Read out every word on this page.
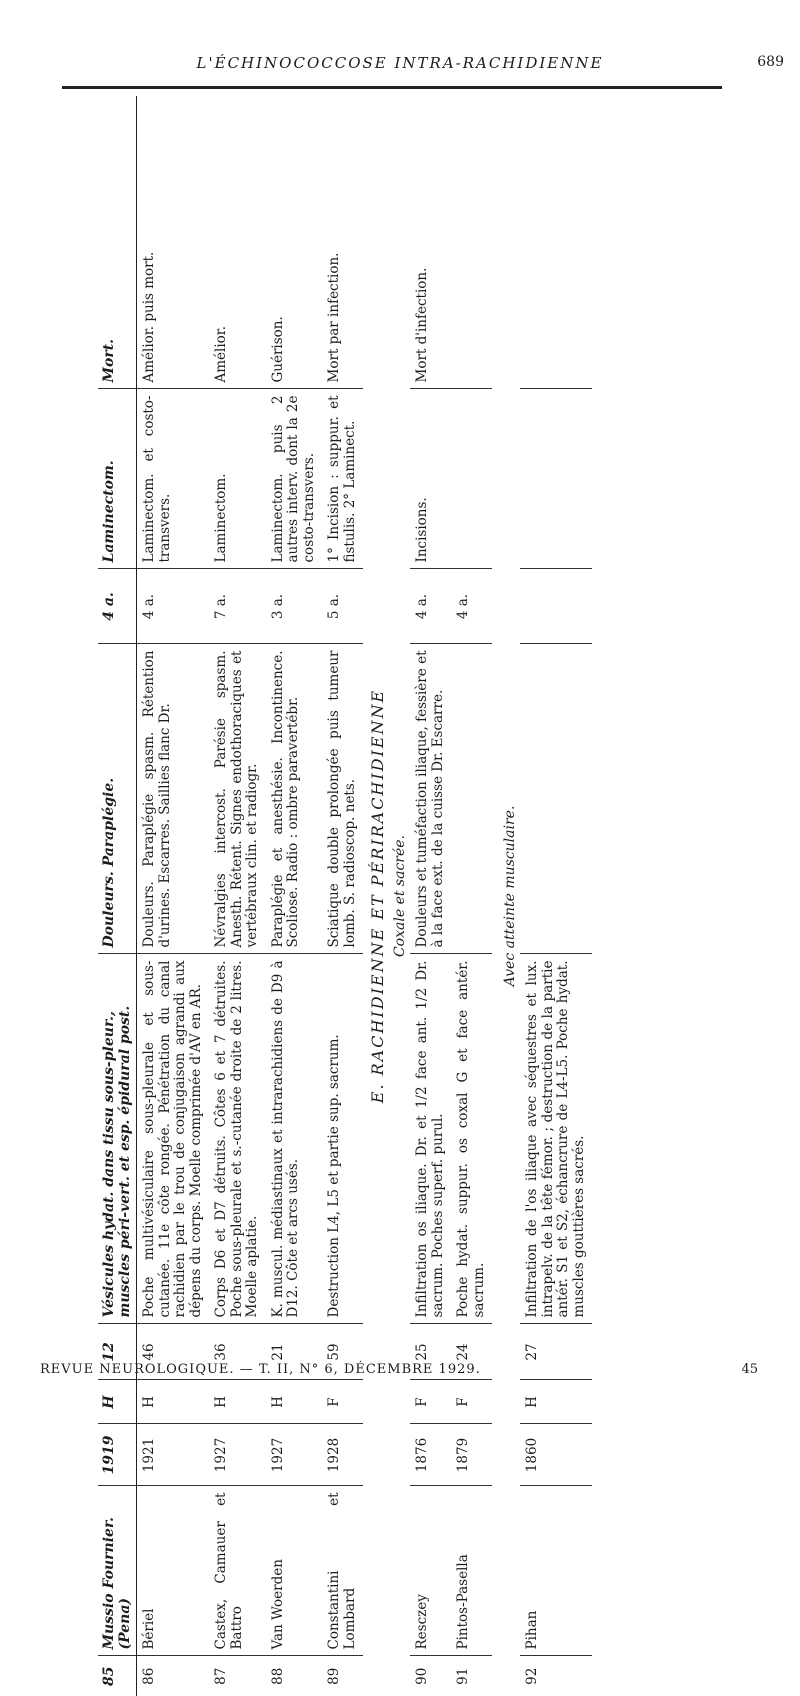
L'ÉCHINOCOCCOSE INTRA-RACHIDIENNE	689
85	Mussio Fournier. (Pena)	1919	H	12	Vésicules hydat. dans tissu sous-pleur., muscles péri-vert. et esp. épidural post.	Douleurs. Paraplégie.	4 a.	Laminectom.	Mort.
86	Bériel	1921	H	46	Poche multivésiculaire sous-pleurale et sous-cutanée. 11e côte rongée. Pénétration du canal rachidien par le trou de conjugaison agrandi aux dépens du corps. Moelle comprimée d'AV en AR.	Douleurs. Paraplégie spasm. Rétention d'urines. Escarres. Saillies flanc Dr.	4 a.	Laminectom. et costo-transvers.	Amélior. puis mort.
87	Castex, Camauer et Battro	1927	H	36	Corps D6 et D7 détruits. Côtes 6 et 7 détruites. Poche sous-pleurale et s.-cutanée droite de 2 litres. Moelle aplatie.	Névralgies intercost. Parésie spasm. Anesth. Rétent. Signes endothoraciques et vertébraux clin. et radiogr.	7 a.	Laminectom.	Amélior.
88	Van Woerden	1927	H	21	K. muscul. médiastinaux et intrarachidiens de D9 à D12. Côte et arcs usés.	Paraplégie et anesthésie. Incontinence. Scoliose. Radio : ombre paravertébr.	3 a.	Laminectom. puis 2 autres interv. dont la 2e costo-transvers.	Guérison.
89	Constantini et Lombard	1928	F	59	Destruction L4, L5 et partie sup. sacrum.	Sciatique double prolongée puis tumeur lomb. S. radioscop. nets.	5 a.	1° Incision : suppur. et fistulis. 2° Laminect.	Mort par infection.
E. RACHIDIENNE ET PÉRIRACHIDIENNE Coxale et sacrée.									

90	Resczey	1876	F	25	Infiltration os iliaque. Dr. et 1/2 face ant. 1/2 Dr. sacrum. Poches superf. purul.	Douleurs et tuméfaction iliaque, fessière et à la face ext. de la cuisse Dr. Escarre.	4 a.	Incisions.	Mort d'infection.
91	Pintos-Pasella	1879	F	24	Poche hydat. suppur. os coxal G et face antér. sacrum.		4 a.		

Avec atteinte musculaire.									

92	Pihan	1860	H	27	Infiltration de l'os iliaque avec séquestres et lux. intrapelv. de la tête fémor. ; destruction de la partie antér. S1 et S2, échancrure de L4-L5. Poche hydat. muscles gouttières sacrés.				
REVUE NEUROLOGIQUE. — T. II, N° 6, DÉCEMBRE 1929.	45
